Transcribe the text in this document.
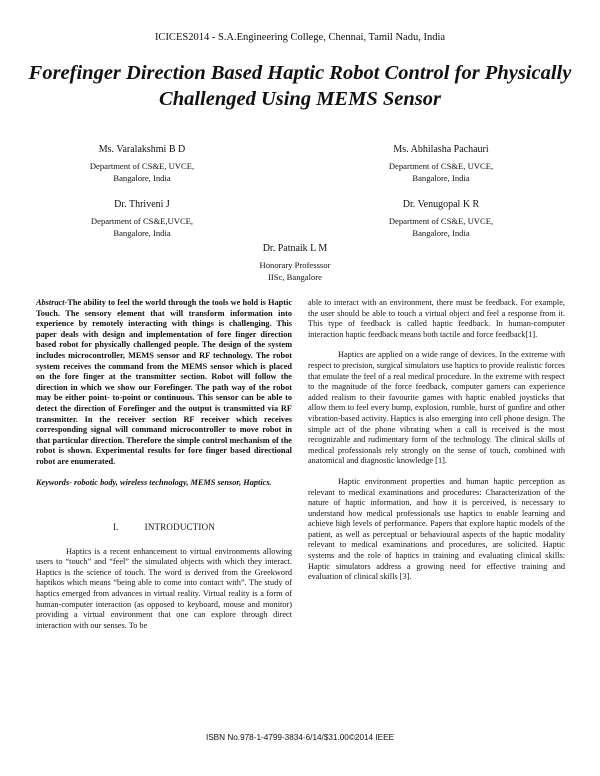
ICICES2014 - S.A.Engineering College, Chennai, Tamil Nadu, India
Forefinger Direction Based Haptic Robot Control for Physically Challenged Using MEMS Sensor
Ms. Varalakshmi B D
Department of CS&E, UVCE,
Bangalore, India
Ms. Abhilasha Pachauri
Department of CS&E, UVCE,
Bangalore, India
Dr. Thriveni J
Department of CS&E,UVCE,
Bangalore, India
Dr. Venugopal K R
Department of CS&E, UVCE,
Bangalore, India
Dr. Patnaik L M
Honorary Professsor
IISc, Bangalore

Abstract-The ability to feel the world through the tools we hold is Haptic Touch. The sensory element that will transform information into experience by remotely interacting with things is challenging. This paper deals with design and implementation of fore finger direction based robot for physically challenged people. The design of the system includes microcontroller, MEMS sensor and RF technology. The robot system receives the command from the MEMS sensor which is placed on the fore finger at the transmitter section. Robot will follow the direction in which we show our Forefinger. The path way of the robot may be either point- to-point or continuous. This sensor can be able to detect the direction of Forefinger and the output is transmitted via RF transmitter. In the receiver section RF receiver which receives corresponding signal will command microcontroller to move robot in that particular direction. Therefore the simple control mechanism of the robot is shown. Experimental results for fore finger based directional robot are enumerated.

Keywords- robotic body, wireless technology, MEMS sensor, Haptics.

I.	INTRODUCTION

Haptics is a recent enhancement to virtual environments allowing users to “touch” and “feel” the simulated objects with which they interact. Haptics is the science of touch. The word is derived from the Greekword haptikos which means “being able to come into contact with”. The study of haptics emerged from advances in virtual reality. Virtual reality is a form of human-computer interaction (as opposed to keyboard, mouse and monitor) providing a virtual environment that one can explore through direct interaction with our senses. To be

able to interact with an environment, there must be feedback. For example, the user should be able to touch a virtual object and feel a response from it. This type of feedback is called haptic feedback. In human-computer interaction haptic feedback means both tactile and force feedback[1].

Haptics are applied on a wide range of devices. In the extreme with respect to precision, surgical simulators use haptics to provide realistic forces that emulate the feel of a real medical procedure. In the extreme with respect to the magnitude of the force feedback, computer gamers can experience added realism to their favourite games with haptic enabled joysticks that allow them to feel every bump, explosion, rumble, burst of gunfire and other vibration-based activity. Haptics is also emerging into cell phone design. The simple act of the phone vibrating when a call is received is the most recognizable and rudimentary form of the technology. The clinical skills of medical professionals rely strongly on the sense of touch, combined with anatomical and diagnostic knowledge [1].

Haptic environment properties and human haptic perception as relevant to medical examinations and procedures: Characterization of the nature of haptic information, and how it is perceived, is necessary to understand how medical professionals use haptics to enable learning and achieve high levels of performance. Papers that explore haptic models of the patient, as well as perceptual or behavioural aspects of the haptic modality relevant to medical examinations and procedures, are solicited. Haptic systems and the role of haptics in training and evaluating clinical skills: Haptic simulators address a growing need for effective training and evaluation of clinical skills [3].

ISBN No.978-1-4799-3834-6/14/$31.00©2014 IEEE
